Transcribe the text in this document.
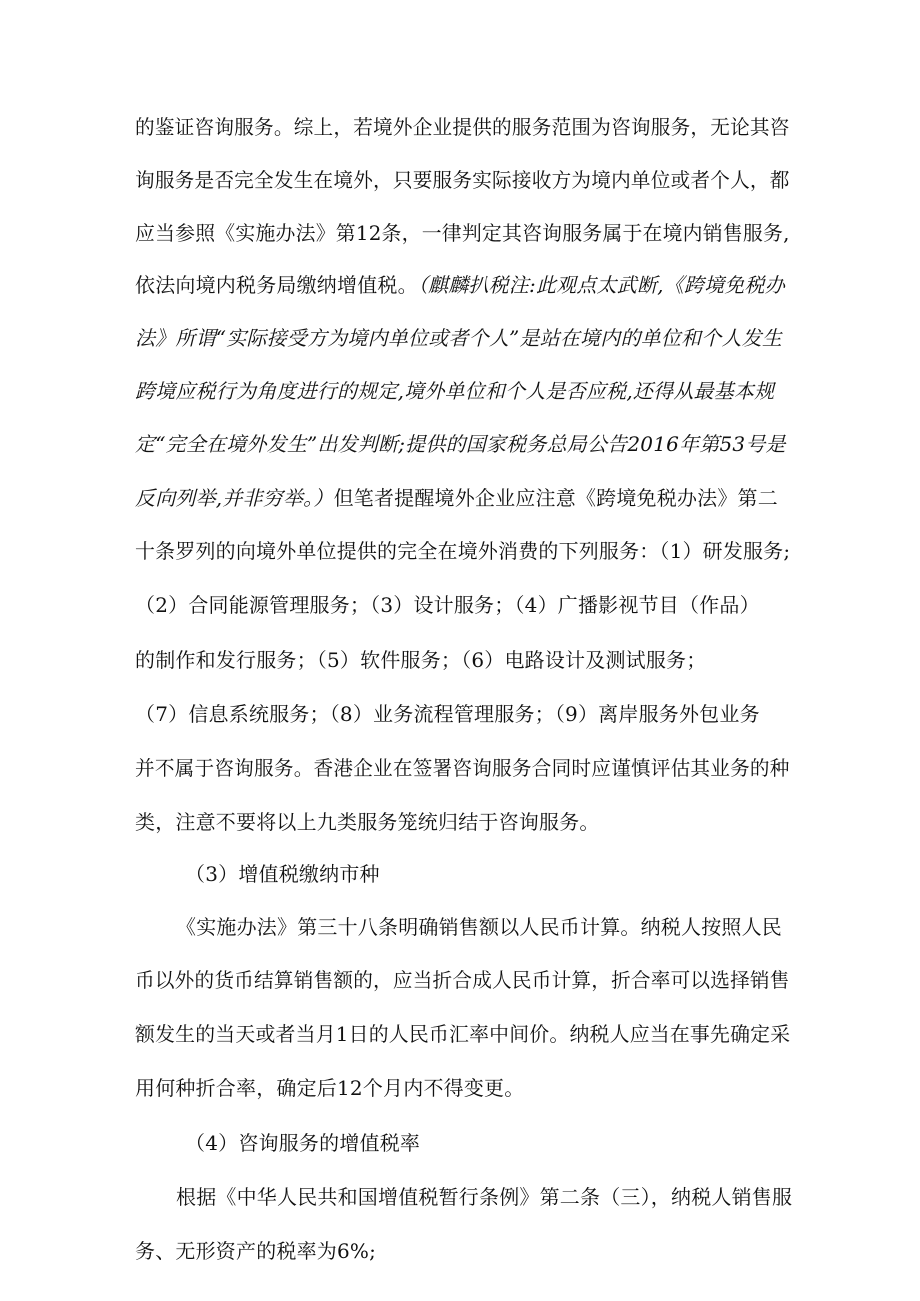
的鉴证咨询服务。综上，若境外企业提供的服务范围为咨询服务，无论其咨
询服务是否完全发生在境外，只要服务实际接收方为境内单位或者个人，都
应当参照《实施办法》第12条，一律判定其咨询服务属于在境内销售服务,
依法向境内税务局缴纳增值税。（麒麟扒税注:此观点太武断,《跨境免税办
法》所谓“实际接受方为境内单位或者个人”是站在境内的单位和个人发生
跨境应税行为角度进行的规定,境外单位和个人是否应税,还得从最基本规
定“完全在境外发生”出发判断;提供的国家税务总局公告2016年第53号是
反向列举,并非穷举。）但笔者提醒境外企业应注意《跨境免税办法》第二
十条罗列的向境外单位提供的完全在境外消费的下列服务：（1）研发服务;
（2）合同能源管理服务；（3）设计服务；（4）广播影视节目（作品）
的制作和发行服务；（5）软件服务；（6）电路设计及测试服务；
（7）信息系统服务；（8）业务流程管理服务；（9）离岸服务外包业务
并不属于咨询服务。香港企业在签署咨询服务合同时应谨慎评估其业务的种
类，注意不要将以上九类服务笼统归结于咨询服务。
（3）增值税缴纳市种
《实施办法》第三十八条明确销售额以人民币计算。纳税人按照人民
币以外的货币结算销售额的，应当折合成人民币计算，折合率可以选择销售
额发生的当天或者当月1日的人民币汇率中间价。纳税人应当在事先确定采
用何种折合率，确定后12个月内不得变更。
（4）咨询服务的增值税率
根据《中华人民共和国增值税暂行条例》第二条（三），纳税人销售服
务、无形资产的税率为6%;
